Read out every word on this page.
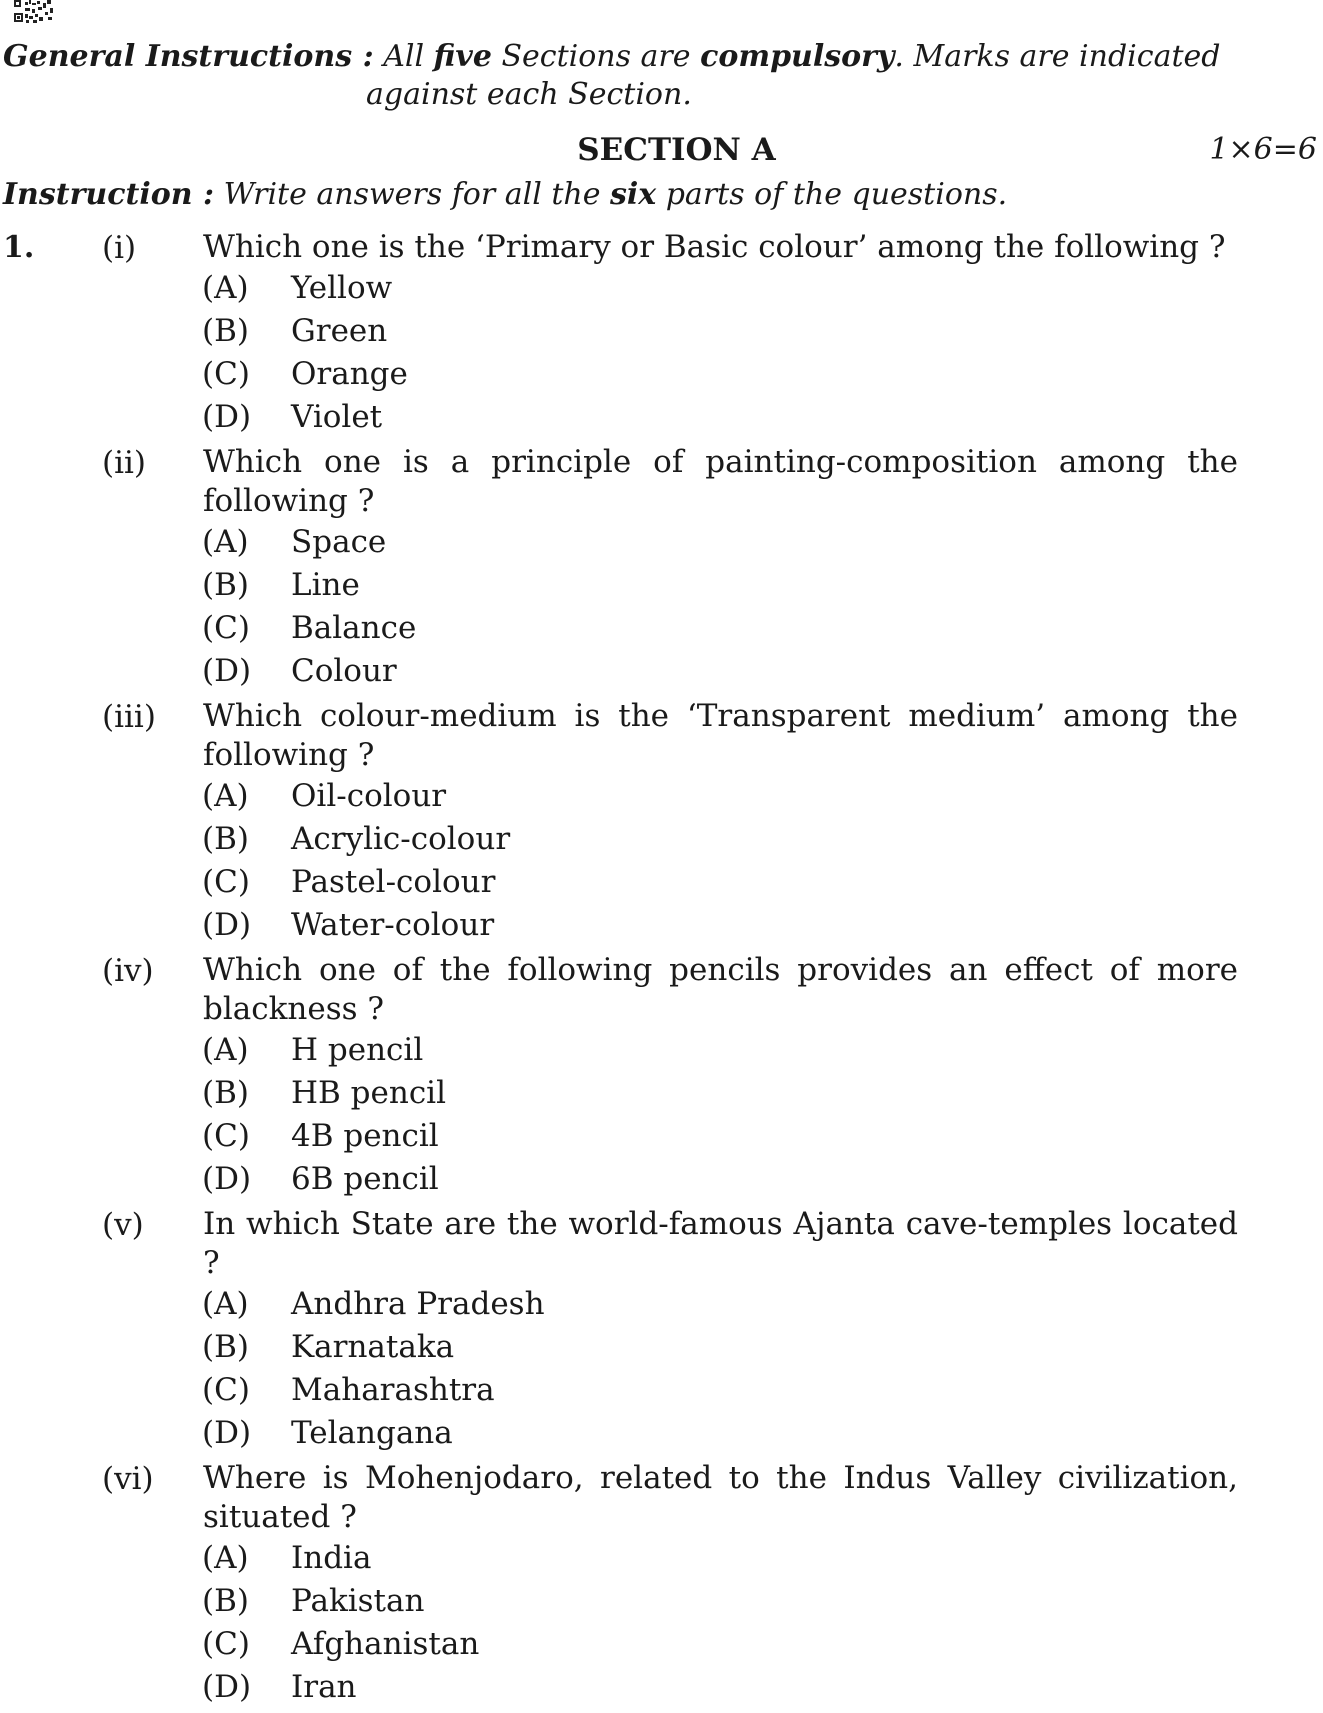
General Instructions : All five Sections are compulsory. Marks are indicated
against each Section.
SECTION A	1×6=6
Instruction : Write answers for all the six parts of the questions.
1. (i) Which one is the ‘Primary or Basic colour’ among the following ?
(A)	Yellow
(B)	Green
(C)	Orange
(D)	Violet
(ii) Which one is a principle of painting-composition among the following ?
(A)	Space
(B)	Line
(C)	Balance
(D)	Colour
(iii) Which colour-medium is the ‘Transparent medium’ among the following ?
(A)	Oil-colour
(B)	Acrylic-colour
(C)	Pastel-colour
(D)	Water-colour
(iv) Which one of the following pencils provides an effect of more blackness ?
(A)	H pencil
(B)	HB pencil
(C)	4B pencil
(D)	6B pencil
(v) In which State are the world-famous Ajanta cave-temples located ?
(A)	Andhra Pradesh
(B)	Karnataka
(C)	Maharashtra
(D)	Telangana
(vi) Where is Mohenjodaro, related to the Indus Valley civilization, situated ?
(A)	India
(B)	Pakistan
(C)	Afghanistan
(D)	Iran
